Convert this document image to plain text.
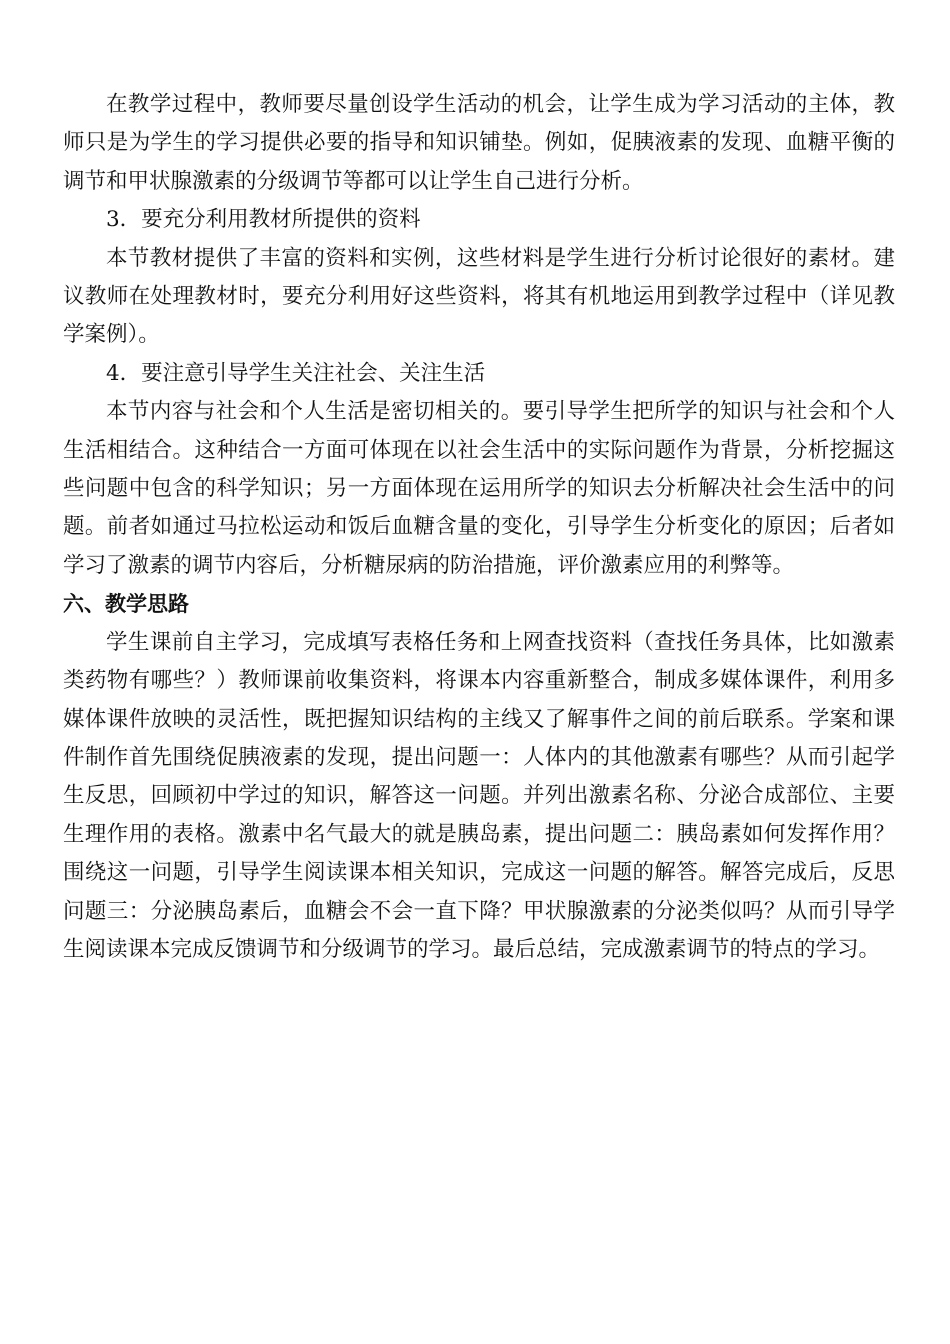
在教学过程中，教师要尽量创设学生活动的机会，让学生成为学习活动的主体，教师只是为学生的学习提供必要的指导和知识铺垫。例如，促胰液素的发现、血糖平衡的调节和甲状腺激素的分级调节等都可以让学生自己进行分析。

3．要充分利用教材所提供的资料

本节教材提供了丰富的资料和实例，这些材料是学生进行分析讨论很好的素材。建议教师在处理教材时，要充分利用好这些资料，将其有机地运用到教学过程中（详见教学案例）。

4．要注意引导学生关注社会、关注生活

本节内容与社会和个人生活是密切相关的。要引导学生把所学的知识与社会和个人生活相结合。这种结合一方面可体现在以社会生活中的实际问题作为背景，分析挖掘这些问题中包含的科学知识；另一方面体现在运用所学的知识去分析解决社会生活中的问题。前者如通过马拉松运动和饭后血糖含量的变化，引导学生分析变化的原因；后者如学习了激素的调节内容后，分析糖尿病的防治措施，评价激素应用的利弊等。

六、教学思路

学生课前自主学习，完成填写表格任务和上网查找资料（查找任务具体，比如激素类药物有哪些？）教师课前收集资料，将课本内容重新整合，制成多媒体课件，利用多媒体课件放映的灵活性，既把握知识结构的主线又了解事件之间的前后联系。学案和课件制作首先围绕促胰液素的发现，提出问题一：人体内的其他激素有哪些？从而引起学生反思，回顾初中学过的知识，解答这一问题。并列出激素名称、分泌合成部位、主要生理作用的表格。激素中名气最大的就是胰岛素，提出问题二：胰岛素如何发挥作用？围绕这一问题，引导学生阅读课本相关知识，完成这一问题的解答。解答完成后，反思问题三：分泌胰岛素后，血糖会不会一直下降？甲状腺激素的分泌类似吗？从而引导学生阅读课本完成反馈调节和分级调节的学习。最后总结，完成激素调节的特点的学习。
